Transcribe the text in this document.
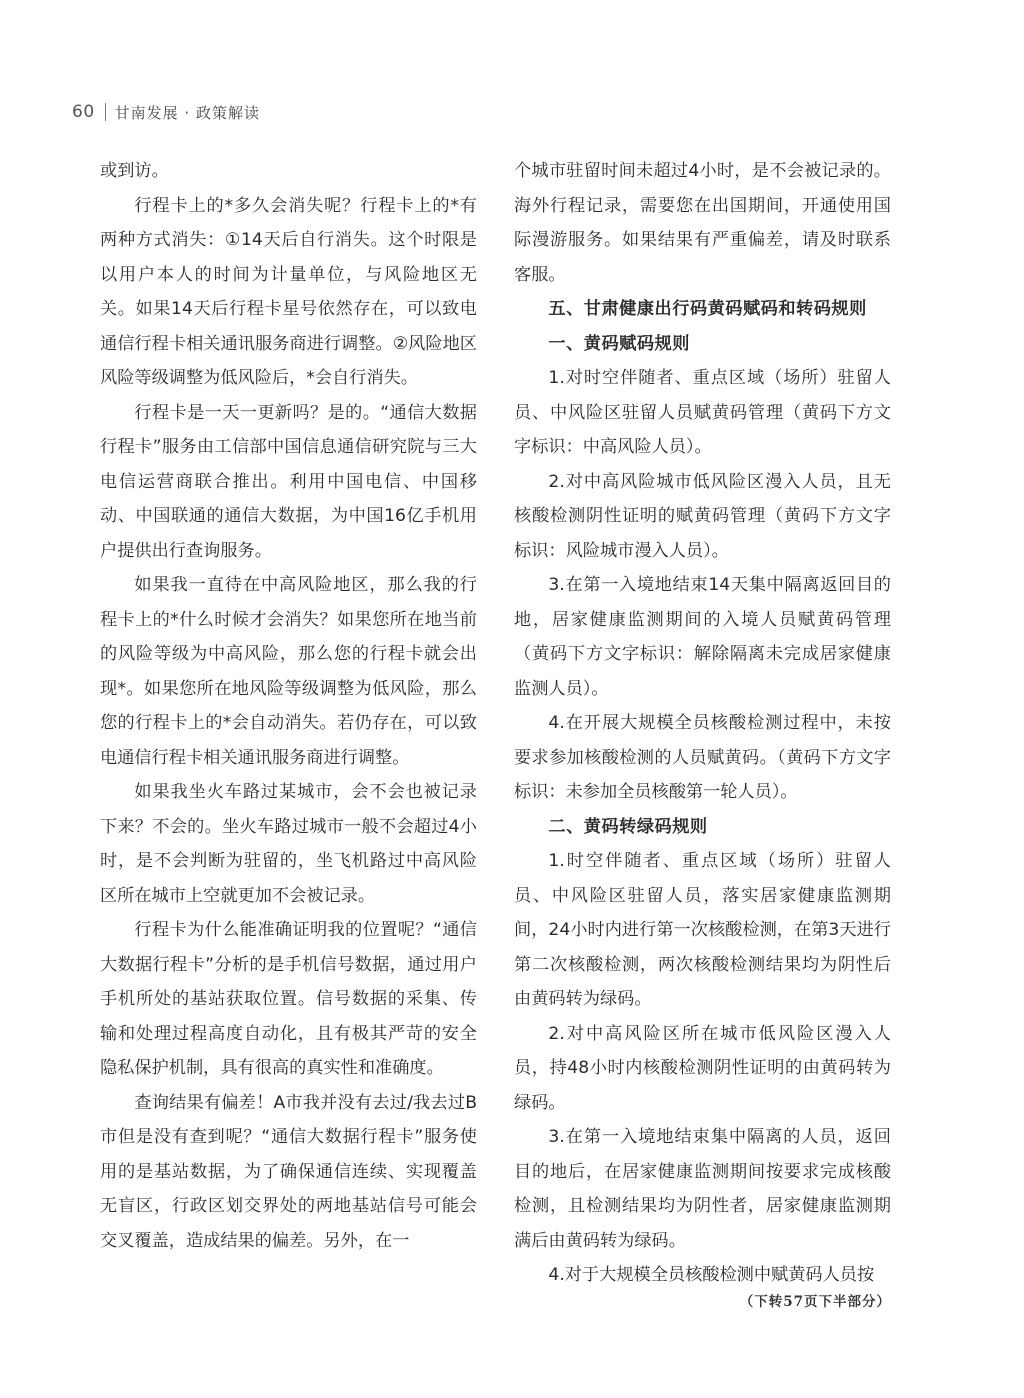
60 甘南发展 · 政策解读

或到访。

行程卡上的*多久会消失呢？行程卡上的*有两种方式消失：①14天后自行消失。这个时限是以用户本人的时间为计量单位，与风险地区无关。如果14天后行程卡星号依然存在，可以致电通信行程卡相关通讯服务商进行调整。②风险地区风险等级调整为低风险后，*会自行消失。

行程卡是一天一更新吗？是的。“通信大数据行程卡”服务由工信部中国信息通信研究院与三大电信运营商联合推出。利用中国电信、中国移动、中国联通的通信大数据，为中国16亿手机用户提供出行查询服务。

如果我一直待在中高风险地区，那么我的行程卡上的*什么时候才会消失？如果您所在地当前的风险等级为中高风险，那么您的行程卡就会出现*。如果您所在地风险等级调整为低风险，那么您的行程卡上的*会自动消失。若仍存在，可以致电通信行程卡相关通讯服务商进行调整。

如果我坐火车路过某城市，会不会也被记录下来？不会的。坐火车路过城市一般不会超过4小时，是不会判断为驻留的，坐飞机路过中高风险区所在城市上空就更加不会被记录。

行程卡为什么能准确证明我的位置呢？“通信大数据行程卡”分析的是手机信号数据，通过用户手机所处的基站获取位置。信号数据的采集、传输和处理过程高度自动化，且有极其严苛的安全隐私保护机制，具有很高的真实性和准确度。

查询结果有偏差！A市我并没有去过/我去过B市但是没有查到呢？“通信大数据行程卡”服务使用的是基站数据，为了确保通信连续、实现覆盖无盲区，行政区划交界处的两地基站信号可能会交叉覆盖，造成结果的偏差。另外，在一

个城市驻留时间未超过4小时，是不会被记录的。海外行程记录，需要您在出国期间，开通使用国际漫游服务。如果结果有严重偏差，请及时联系客服。

五、甘肃健康出行码黄码赋码和转码规则

一、黄码赋码规则

1.对时空伴随者、重点区域（场所）驻留人员、中风险区驻留人员赋黄码管理（黄码下方文字标识：中高风险人员）。

2.对中高风险城市低风险区漫入人员，且无核酸检测阴性证明的赋黄码管理（黄码下方文字标识：风险城市漫入人员）。

3.在第一入境地结束14天集中隔离返回目的地，居家健康监测期间的入境人员赋黄码管理（黄码下方文字标识：解除隔离未完成居家健康监测人员）。

4.在开展大规模全员核酸检测过程中，未按要求参加核酸检测的人员赋黄码。（黄码下方文字标识：未参加全员核酸第一轮人员）。

二、黄码转绿码规则

1.时空伴随者、重点区域（场所）驻留人员、中风险区驻留人员，落实居家健康监测期间，24小时内进行第一次核酸检测，在第3天进行第二次核酸检测，两次核酸检测结果均为阴性后由黄码转为绿码。

2.对中高风险区所在城市低风险区漫入人员，持48小时内核酸检测阴性证明的由黄码转为绿码。

3.在第一入境地结束集中隔离的人员，返回目的地后，在居家健康监测期间按要求完成核酸检测，且检测结果均为阴性者，居家健康监测期满后由黄码转为绿码。

4.对于大规模全员核酸检测中赋黄码人员按

（下转57页下半部分）
